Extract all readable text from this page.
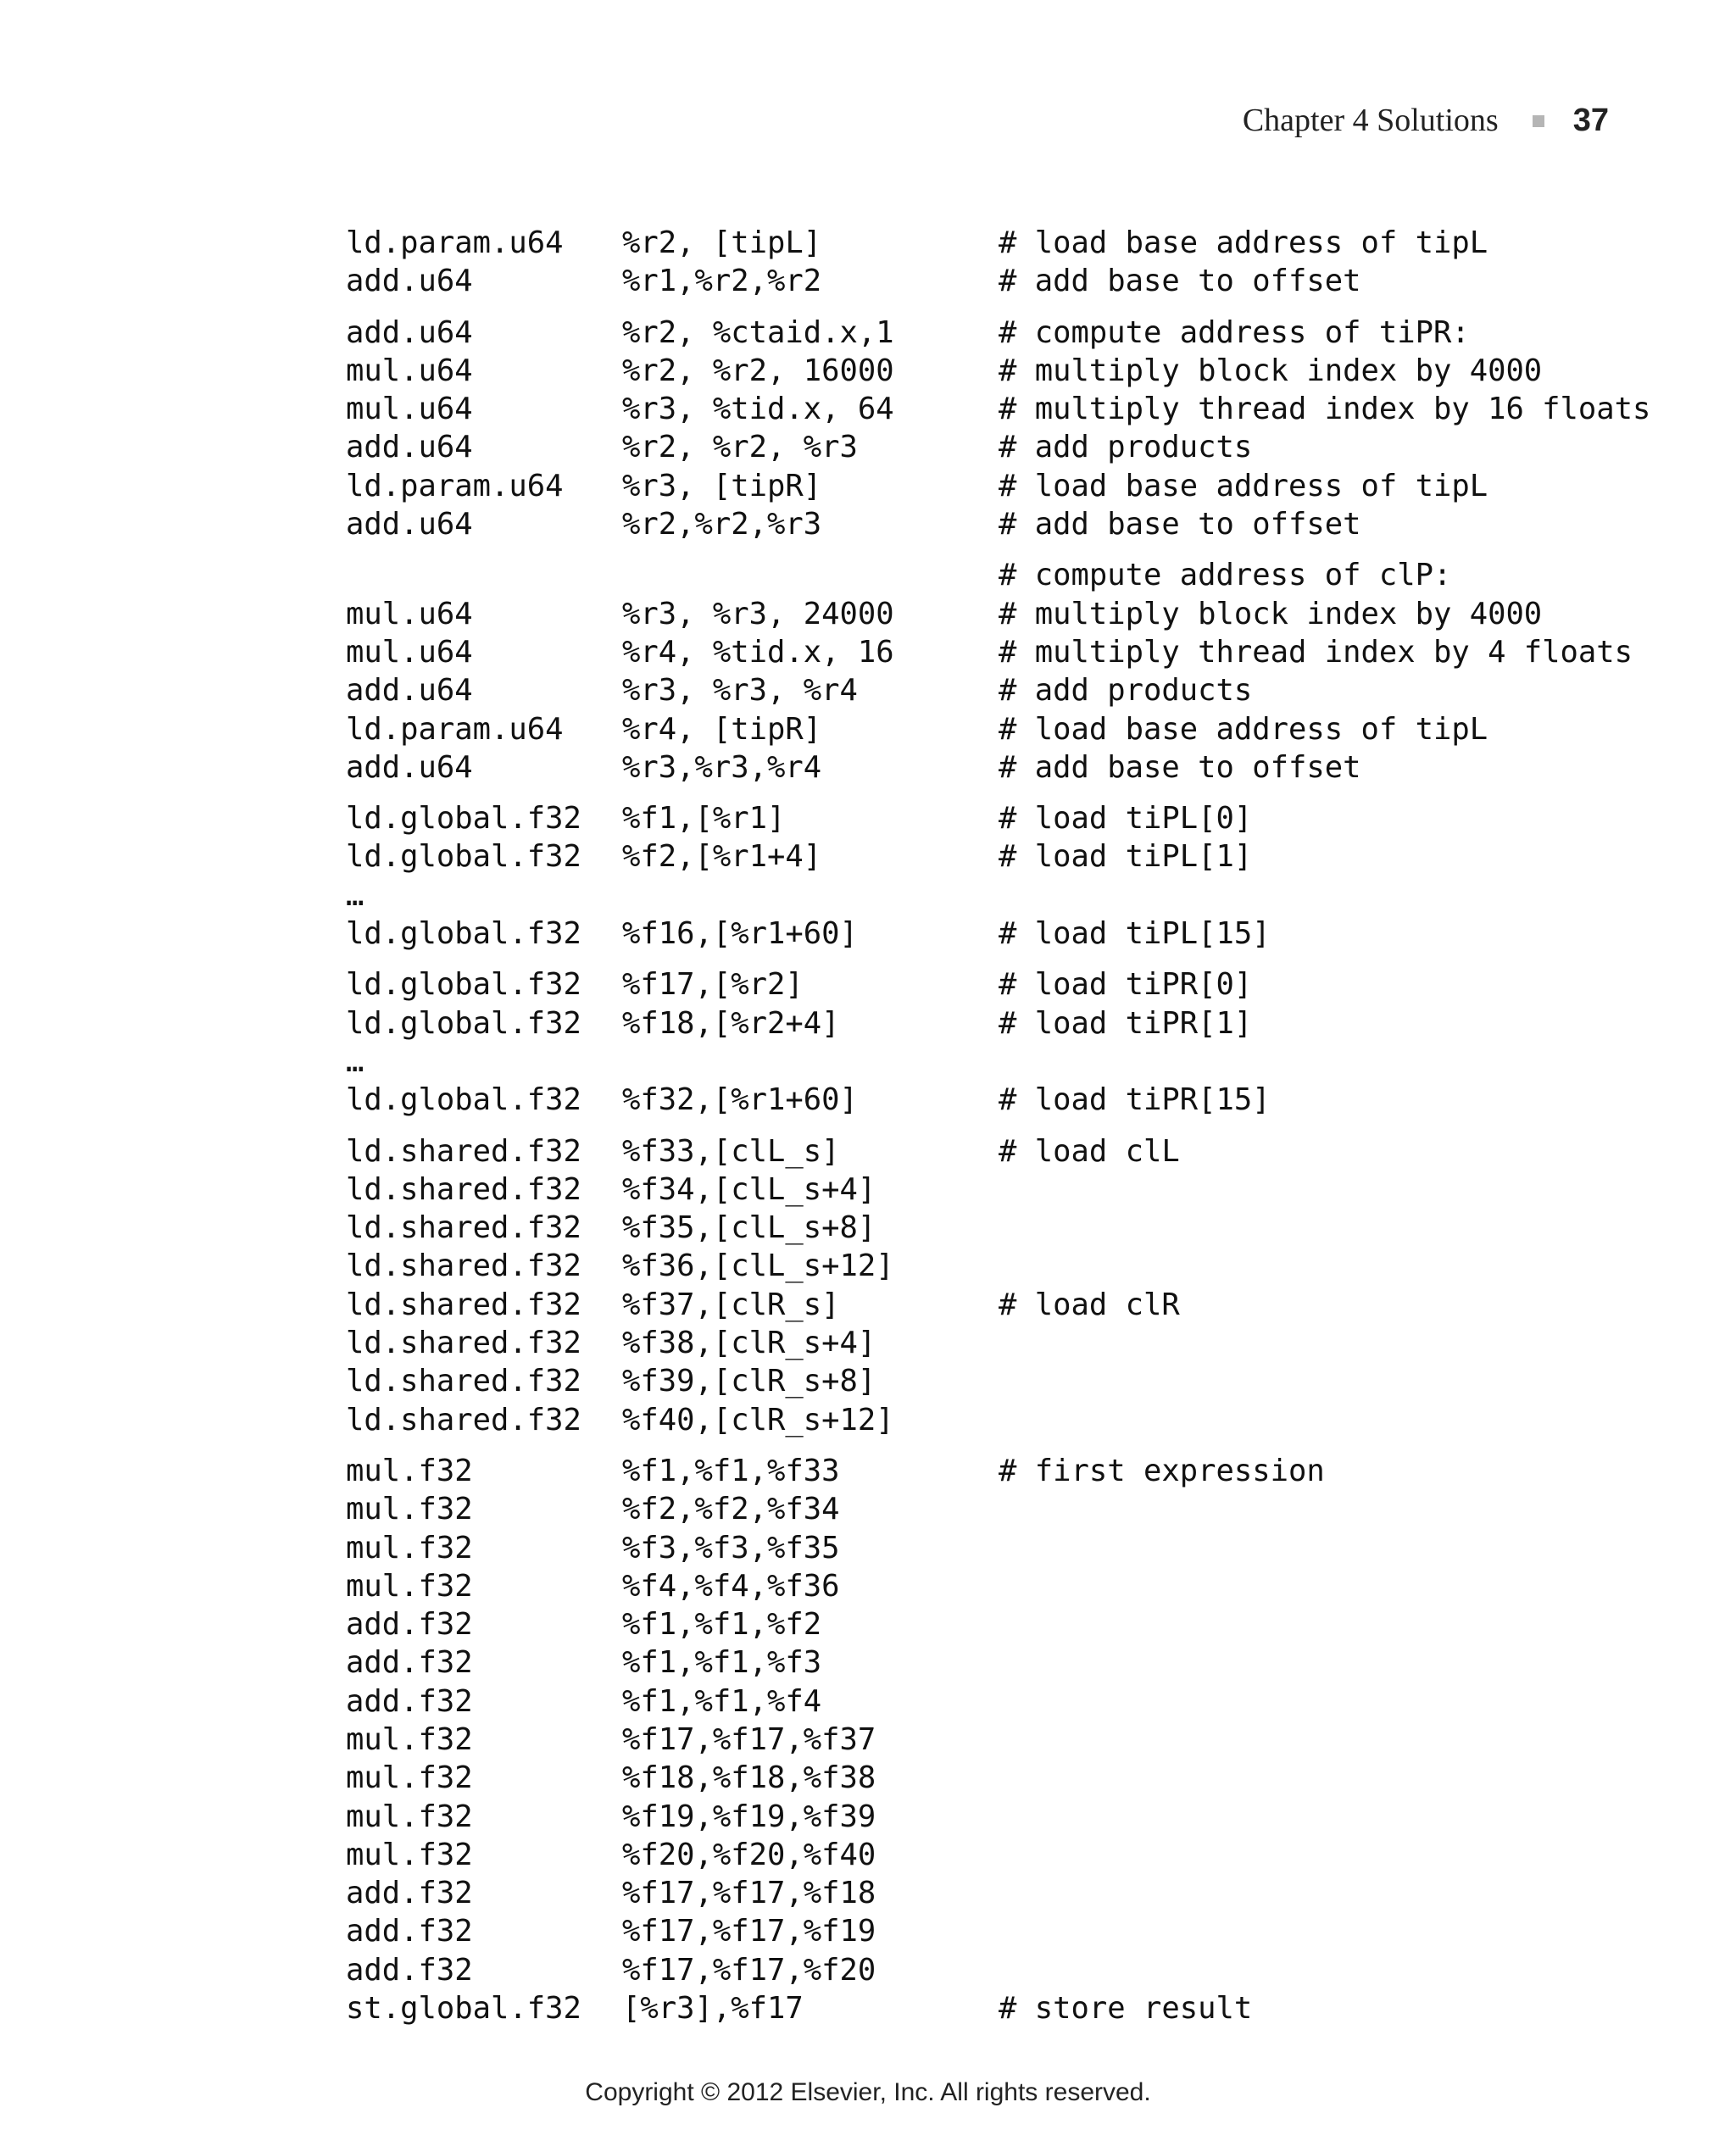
Chapter 4 Solutions 37
ld.param.u64 %r2, [tipL]	# load base address of tipL
add.u64	%r1,%r2,%r2	# add base to offset
add.u64	%r2, %ctaid.x,1	# compute address of tiPR:
mul.u64	%r2, %r2, 16000	# multiply block index by 4000
mul.u64	%r3, %tid.x, 64	# multiply thread index by 16 floats
add.u64	%r2, %r2, %r3	# add products
ld.param.u64 %r3, [tipR]	# load base address of tipL
add.u64	%r2,%r2,%r3	# add base to offset
# compute address of clP:
mul.u64	%r3, %r3, 24000	# multiply block index by 4000
mul.u64	%r4, %tid.x, 16	# multiply thread index by 4 floats
add.u64	%r3, %r3, %r4	# add products
ld.param.u64 %r4, [tipR]	# load base address of tipL
add.u64	%r3,%r3,%r4	# add base to offset
ld.global.f32 %f1,[%r1]	# load tiPL[0]
ld.global.f32 %f2,[%r1+4]	# load tiPL[1]
…
ld.global.f32 %f16,[%r1+60]	# load tiPL[15]
ld.global.f32 %f17,[%r2]	# load tiPR[0]
ld.global.f32 %f18,[%r2+4]	# load tiPR[1]
…
ld.global.f32 %f32,[%r1+60]	# load tiPR[15]
ld.shared.f32 %f33,[clL_s]	# load clL
ld.shared.f32 %f34,[clL_s+4]
ld.shared.f32 %f35,[clL_s+8]
ld.shared.f32 %f36,[clL_s+12]
ld.shared.f32 %f37,[clR_s]	# load clR
ld.shared.f32 %f38,[clR_s+4]
ld.shared.f32 %f39,[clR_s+8]
ld.shared.f32 %f40,[clR_s+12]
mul.f32	%f1,%f1,%f33	# first expression
mul.f32	%f2,%f2,%f34
mul.f32	%f3,%f3,%f35
mul.f32	%f4,%f4,%f36
add.f32	%f1,%f1,%f2
add.f32	%f1,%f1,%f3
add.f32	%f1,%f1,%f4
mul.f32	%f17,%f17,%f37
mul.f32	%f18,%f18,%f38
mul.f32	%f19,%f19,%f39
mul.f32	%f20,%f20,%f40
add.f32	%f17,%f17,%f18
add.f32	%f17,%f17,%f19
add.f32	%f17,%f17,%f20
st.global.f32 [%r3],%f17	# store result
Copyright © 2012 Elsevier, Inc. All rights reserved.
